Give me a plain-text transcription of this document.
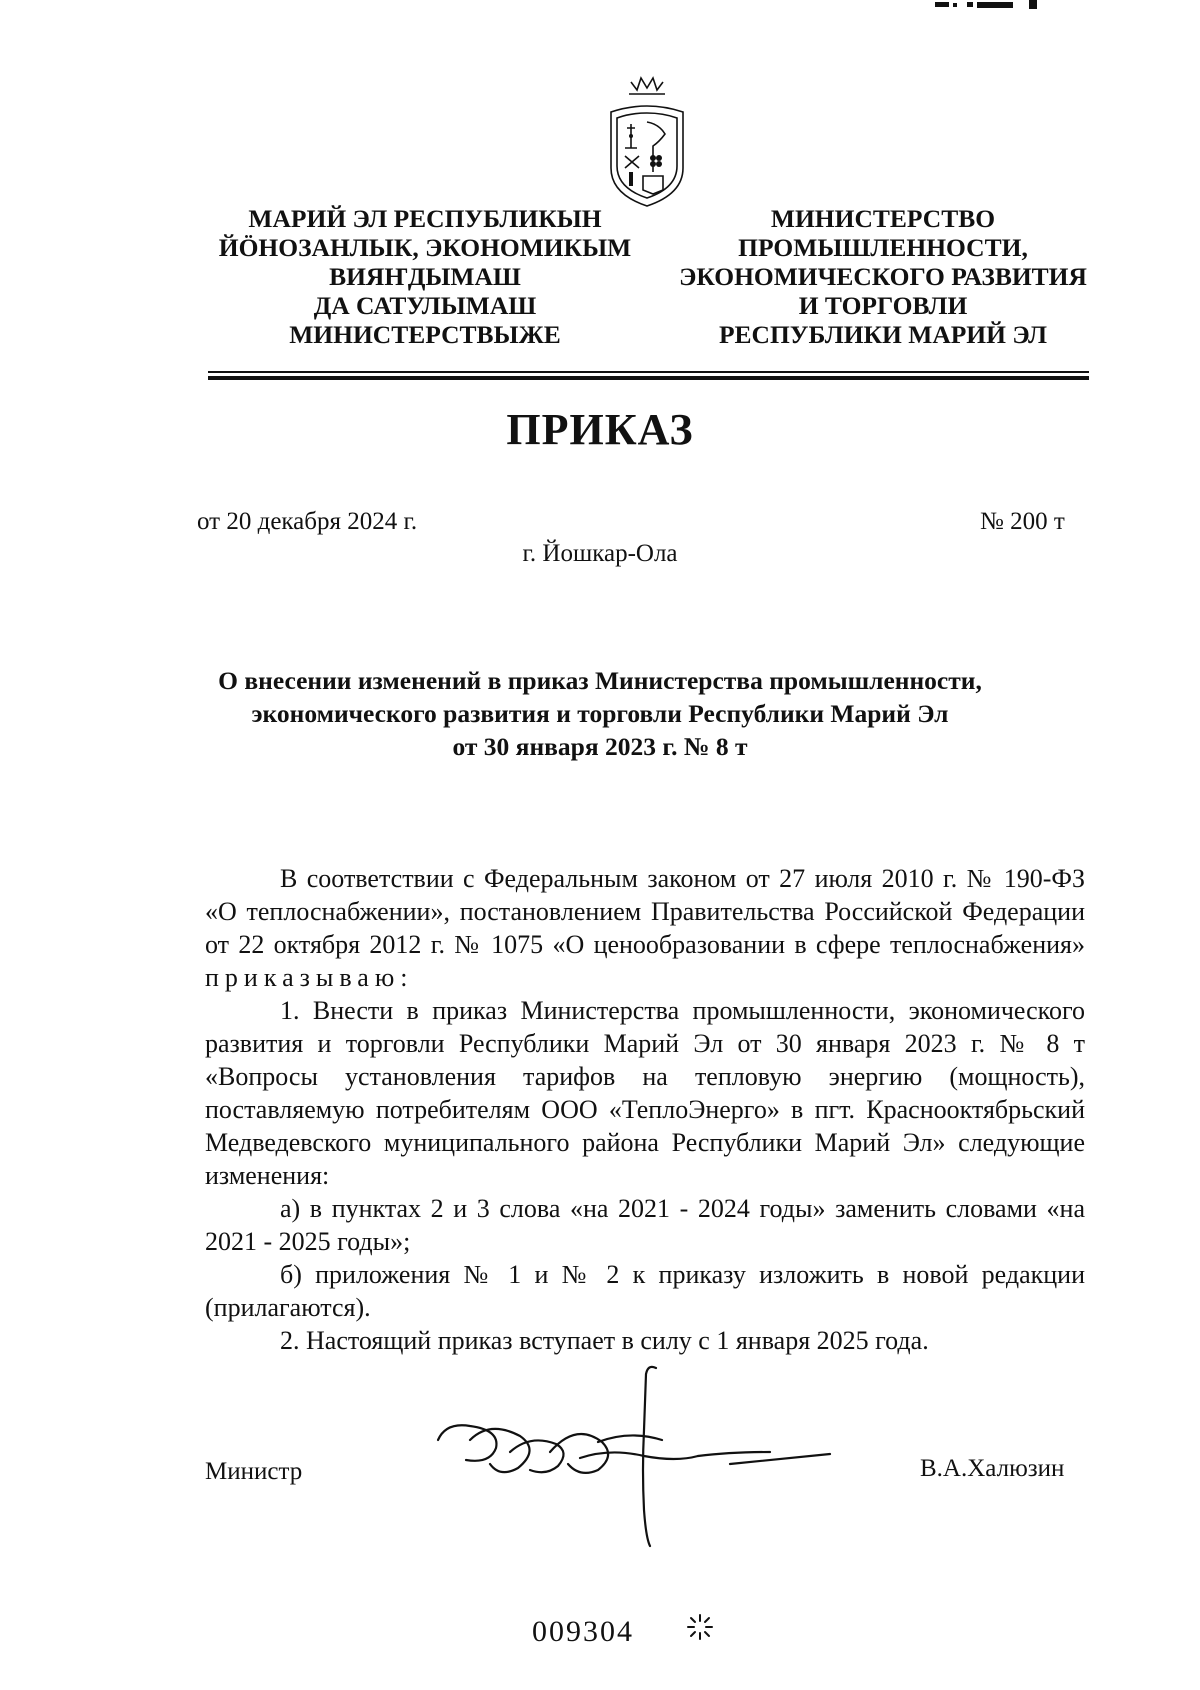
МАРИЙ ЭЛ РЕСПУБЛИКЫН
ЙӦНОЗАНЛЫК, ЭКОНОМИКЫМ
ВИЯҤДЫМАШ
ДА САТУЛЫМАШ
МИНИСТЕРСТВЫЖЕ
МИНИСТЕРСТВО
ПРОМЫШЛЕННОСТИ,
ЭКОНОМИЧЕСКОГО РАЗВИТИЯ
И ТОРГОВЛИ
РЕСПУБЛИКИ МАРИЙ ЭЛ
ПРИКАЗ
от 20 декабря 2024 г.	№ 200 т
г. Йошкар-Ола
О внесении изменений в приказ Министерства промышленности,
экономического развития и торговли Республики Марий Эл
от 30 января 2023 г. № 8 т

В соответствии с Федеральным законом от 27 июля 2010 г. № 190-ФЗ «О теплоснабжении», постановлением Правительства Российской Федерации от 22 октября 2012 г. № 1075 «О ценообразовании в сфере теплоснабжения» приказываю:

1. Внести в приказ Министерства промышленности, экономического развития и торговли Республики Марий Эл от 30 января 2023 г. № 8 т «Вопросы установления тарифов на тепловую энергию (мощность), поставляемую потребителям ООО «ТеплоЭнерго» в пгт. Краснооктябрьский Медведевского муниципального района Республики Марий Эл» следующие изменения:

а) в пунктах 2 и 3 слова «на 2021 - 2024 годы» заменить словами «на 2021 - 2025 годы»;

б) приложения № 1 и № 2 к приказу изложить в новой редакции (прилагаются).

2. Настоящий приказ вступает в силу с 1 января 2025 года.

Министр	В.А.Халюзин
009304
